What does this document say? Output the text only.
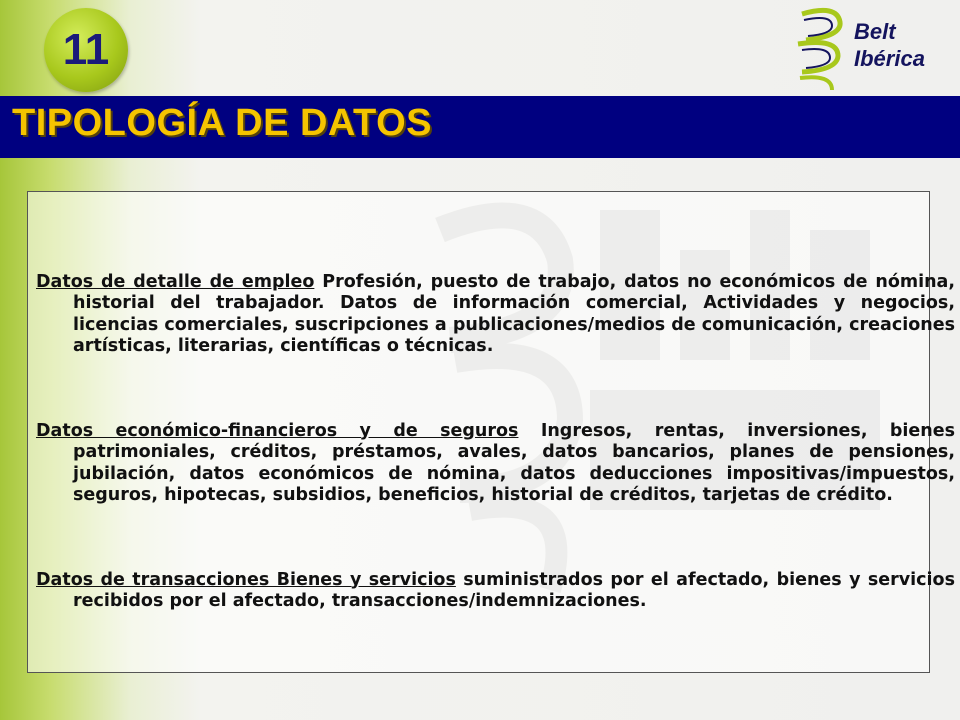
11	Belt
Ibérica
TIPOLOGÍA DE DATOS

Datos de detalle de empleo Profesión, puesto de trabajo, datos no económicos de nómina, historial del trabajador. Datos de información comercial, Actividades y negocios, licencias comerciales, suscripciones a publicaciones/medios de comunicación, creaciones artísticas, literarias, científicas o técnicas.

Datos económico-financieros y de seguros Ingresos, rentas, inversiones, bienes patrimoniales, créditos, préstamos, avales, datos bancarios, planes de pensiones, jubilación, datos económicos de nómina, datos deducciones impositivas/impuestos, seguros, hipotecas, subsidios, beneficios, historial de créditos, tarjetas de crédito.

Datos de transacciones Bienes y servicios suministrados por el afectado, bienes y servicios recibidos por el afectado, transacciones/indemnizaciones.
